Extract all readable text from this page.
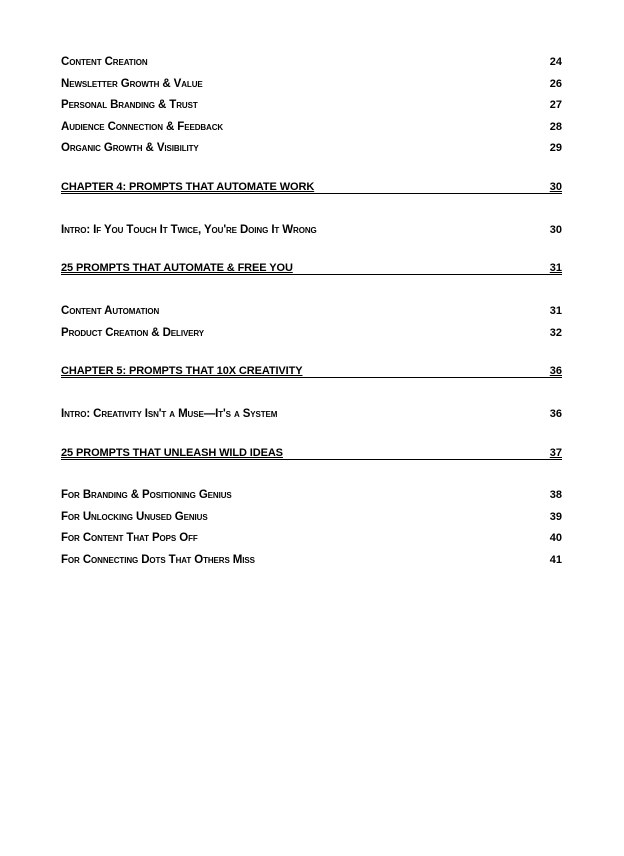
Content Creation	24
Newsletter Growth & Value	26
Personal Branding & Trust	27
Audience Connection & Feedback	28
Organic Growth & Visibility	29
CHAPTER 4: PROMPTS THAT AUTOMATE WORK	30
Intro: If You Touch It Twice, You're Doing It Wrong	30
25 PROMPTS THAT AUTOMATE & FREE YOU	31
Content Automation	31
Product Creation & Delivery	32
CHAPTER 5: PROMPTS THAT 10X CREATIVITY	36
Intro: Creativity Isn't a Muse—It's a System	36
25 PROMPTS THAT UNLEASH WILD IDEAS	37
For Branding & Positioning Genius	38
For Unlocking Unused Genius	39
For Content That Pops Off	40
For Connecting Dots That Others Miss	41
